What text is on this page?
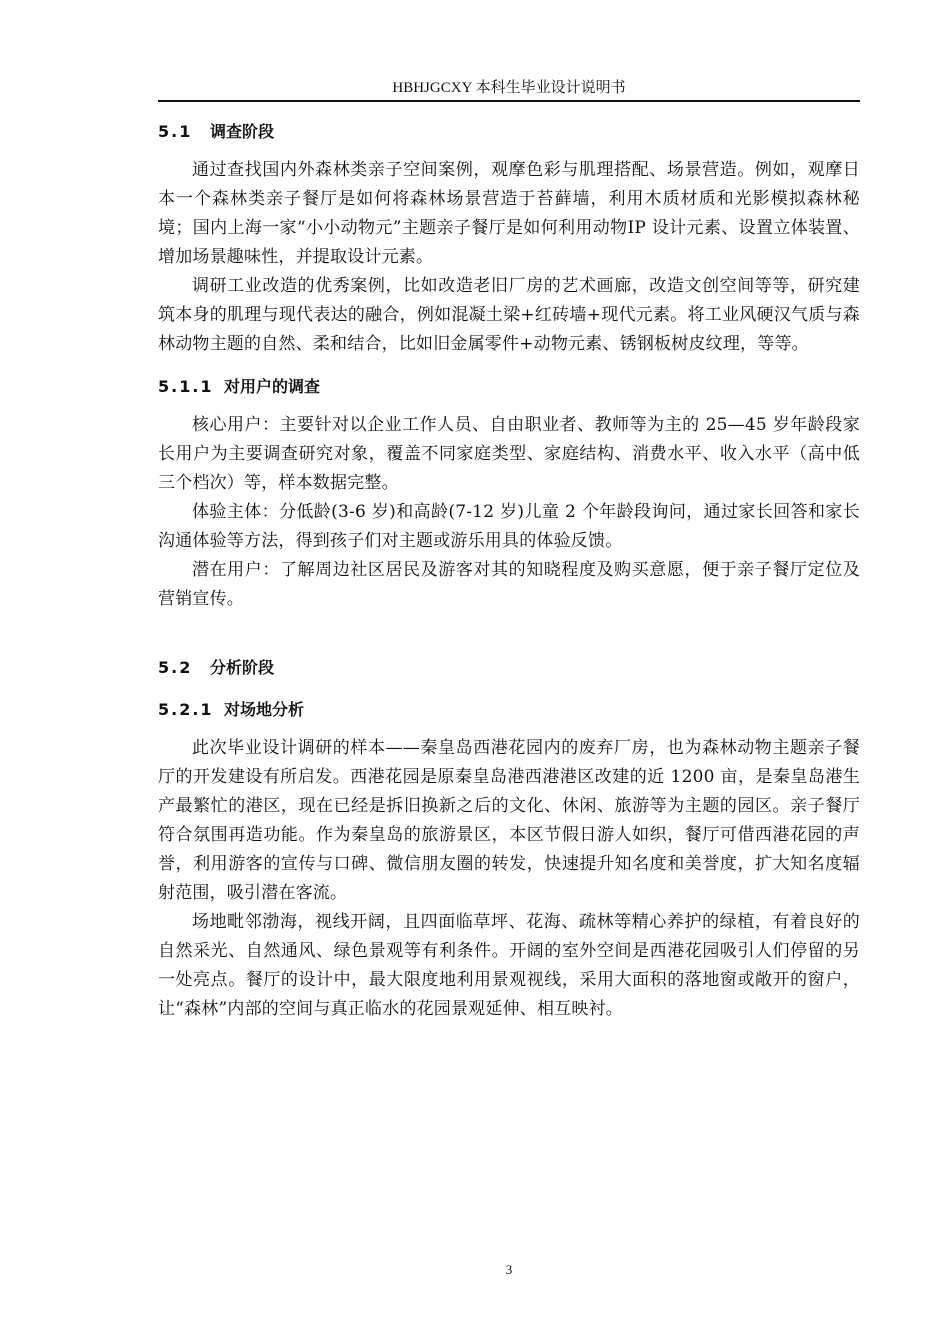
HBHJGCXY 本科生毕业设计说明书
5.1 调查阶段

通过查找国内外森林类亲子空间案例，观摩色彩与肌理搭配、场景营造。例如，观摩日本一个森林类亲子餐厅是如何将森林场景营造于苔藓墙，利用木质材质和光影模拟森林秘境；国内上海一家“小小动物元”主题亲子餐厅是如何利用动物IP 设计元素、设置立体装置、增加场景趣味性，并提取设计元素。

调研工业改造的优秀案例，比如改造老旧厂房的艺术画廊，改造文创空间等等，研究建筑本身的肌理与现代表达的融合，例如混凝土梁+红砖墙+现代元素。将工业风硬汉气质与森林动物主题的自然、柔和结合，比如旧金属零件+动物元素、锈钢板树皮纹理，等等。

5.1.1 对用户的调查

核心用户：主要针对以企业工作人员、自由职业者、教师等为主的 25—45 岁年龄段家长用户为主要调查研究对象，覆盖不同家庭类型、家庭结构、消费水平、收入水平（高中低三个档次）等，样本数据完整。

体验主体：分低龄(3-6 岁)和高龄(7-12 岁)儿童 2 个年龄段询问，通过家长回答和家长沟通体验等方法，得到孩子们对主题或游乐用具的体验反馈。

潜在用户：了解周边社区居民及游客对其的知晓程度及购买意愿，便于亲子餐厅定位及营销宣传。

5.2 分析阶段
5.2.1 对场地分析

此次毕业设计调研的样本——秦皇岛西港花园内的废弃厂房，也为森林动物主题亲子餐厅的开发建设有所启发。西港花园是原秦皇岛港西港港区改建的近 1200 亩，是秦皇岛港生产最繁忙的港区，现在已经是拆旧换新之后的文化、休闲、旅游等为主题的园区。亲子餐厅符合氛围再造功能。作为秦皇岛的旅游景区，本区节假日游人如织，餐厅可借西港花园的声誉，利用游客的宣传与口碑、微信朋友圈的转发，快速提升知名度和美誉度，扩大知名度辐射范围，吸引潜在客流。

场地毗邻渤海，视线开阔，且四面临草坪、花海、疏林等精心养护的绿植，有着良好的自然采光、自然通风、绿色景观等有利条件。开阔的室外空间是西港花园吸引人们停留的另一处亮点。餐厅的设计中，最大限度地利用景观视线，采用大面积的落地窗或敞开的窗户，让“森林”内部的空间与真正临水的花园景观延伸、相互映衬。

3
